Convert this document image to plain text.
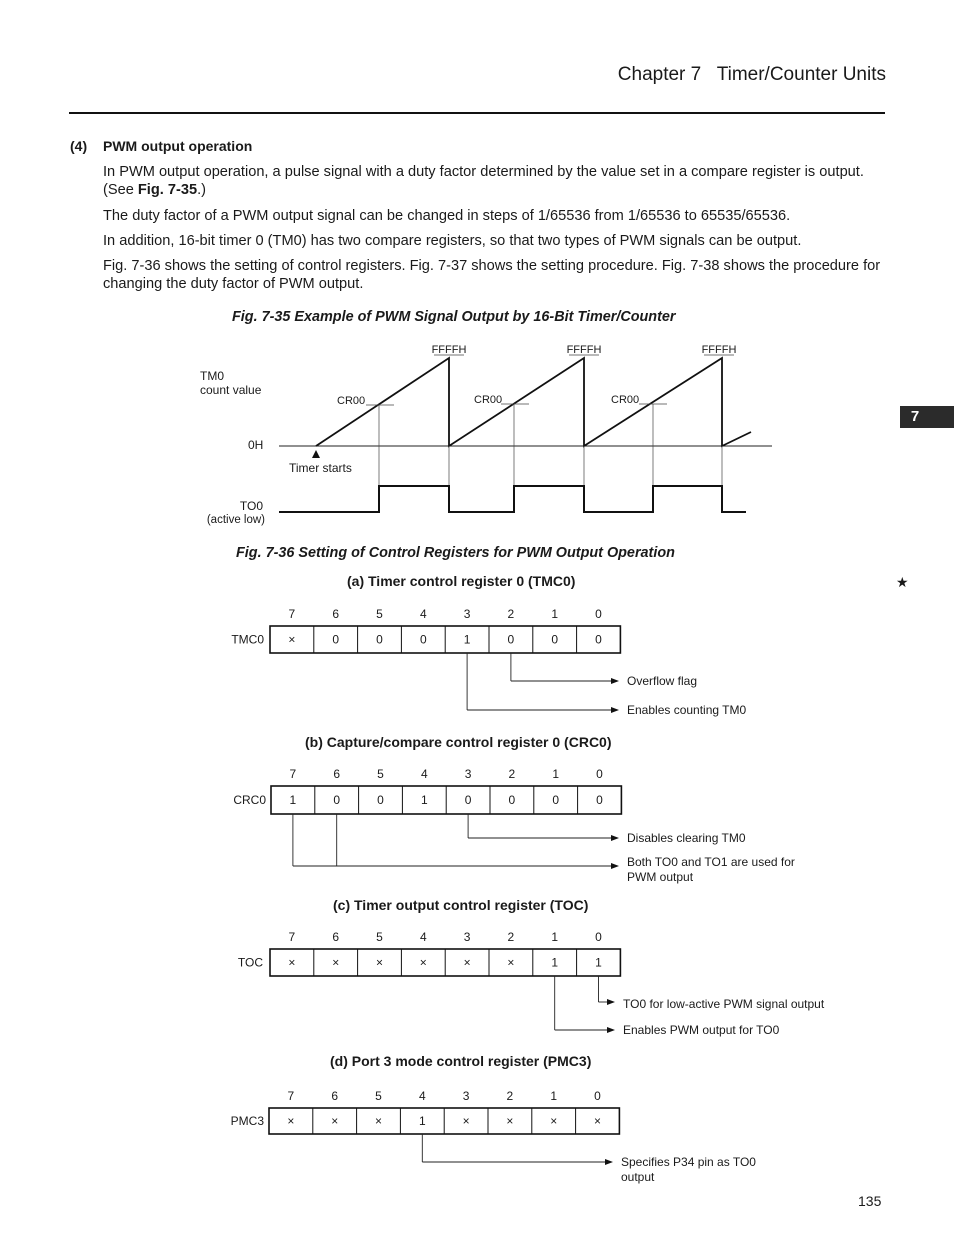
Chapter 7   Timer/Counter Units
(4) PWM output operation
In PWM output operation, a pulse signal with a duty factor determined by the value set in a compare register is output. (See Fig. 7-35.)
The duty factor of a PWM output signal can be changed in steps of 1/65536 from 1/65536 to 65535/65536.
In addition, 16-bit timer 0 (TM0) has two compare registers, so that two types of PWM signals can be output.
Fig. 7-36 shows the setting of control registers. Fig. 7-37 shows the setting procedure. Fig. 7-38 shows the procedure for changing the duty factor of PWM output.
Fig. 7-35 Example of PWM Signal Output by 16-Bit Timer/Counter
TM0
count value
0H
Timer starts
TO0
(active low)
FFFFH	FFFFH	FFFFH
CR00	CR00	CR00
Fig. 7-36 Setting of Control Registers for PWM Output Operation
(a) Timer control register 0 (TMC0)
(b) Capture/compare control register 0 (CRC0)
(c) Timer output control register (TOC)
(d) Port 3 mode control register (PMC3)
7	6	5	4	3	2	1	0
TMC0 ×	0	0	0	1	0	0	0
Overflow flag
Enables counting TM0
7	6	5	4	3	2	1	0
CRC0 1	0	0	1	0	0	0	0
Disables clearing TM0
Both TO0 and TO1 are used for
PWM output
7	6	5	4	3	2	1	0
TOC ×	×	×	×	×	×	1	1
TO0 for low-active PWM signal output
Enables PWM output for TO0
7	6	5	4	3	2	1	0
PMC3 ×	×	×	1	×	×	×	×
Specifies P34 pin as TO0
output
7
★
135
